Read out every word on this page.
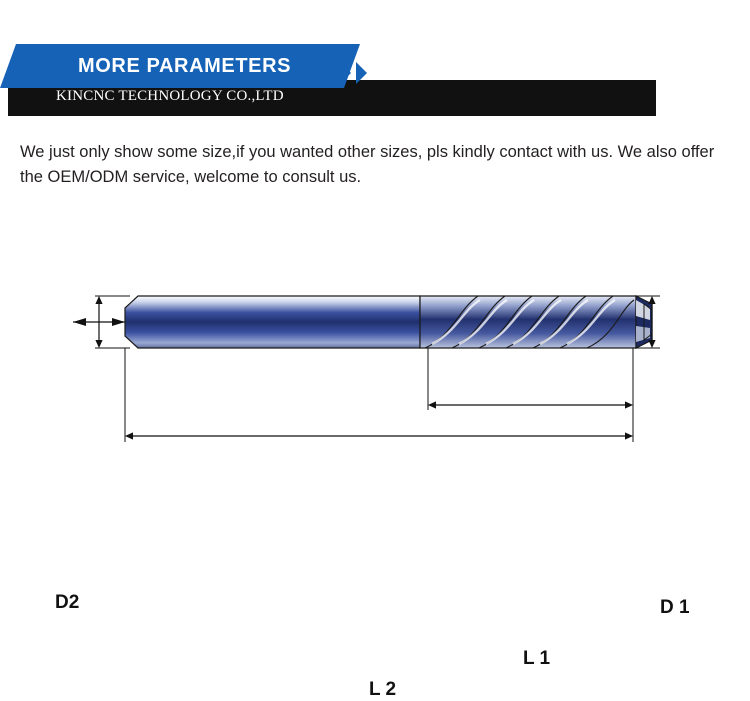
MORE PARAMETERS
KINCNC TECHNOLOGY CO.,LTD
We just only show some size,if you wanted other sizes, pls kindly contact with us. We also offer the OEM/ODM service, welcome to consult us.
D2	D 1
L 1
L 2
